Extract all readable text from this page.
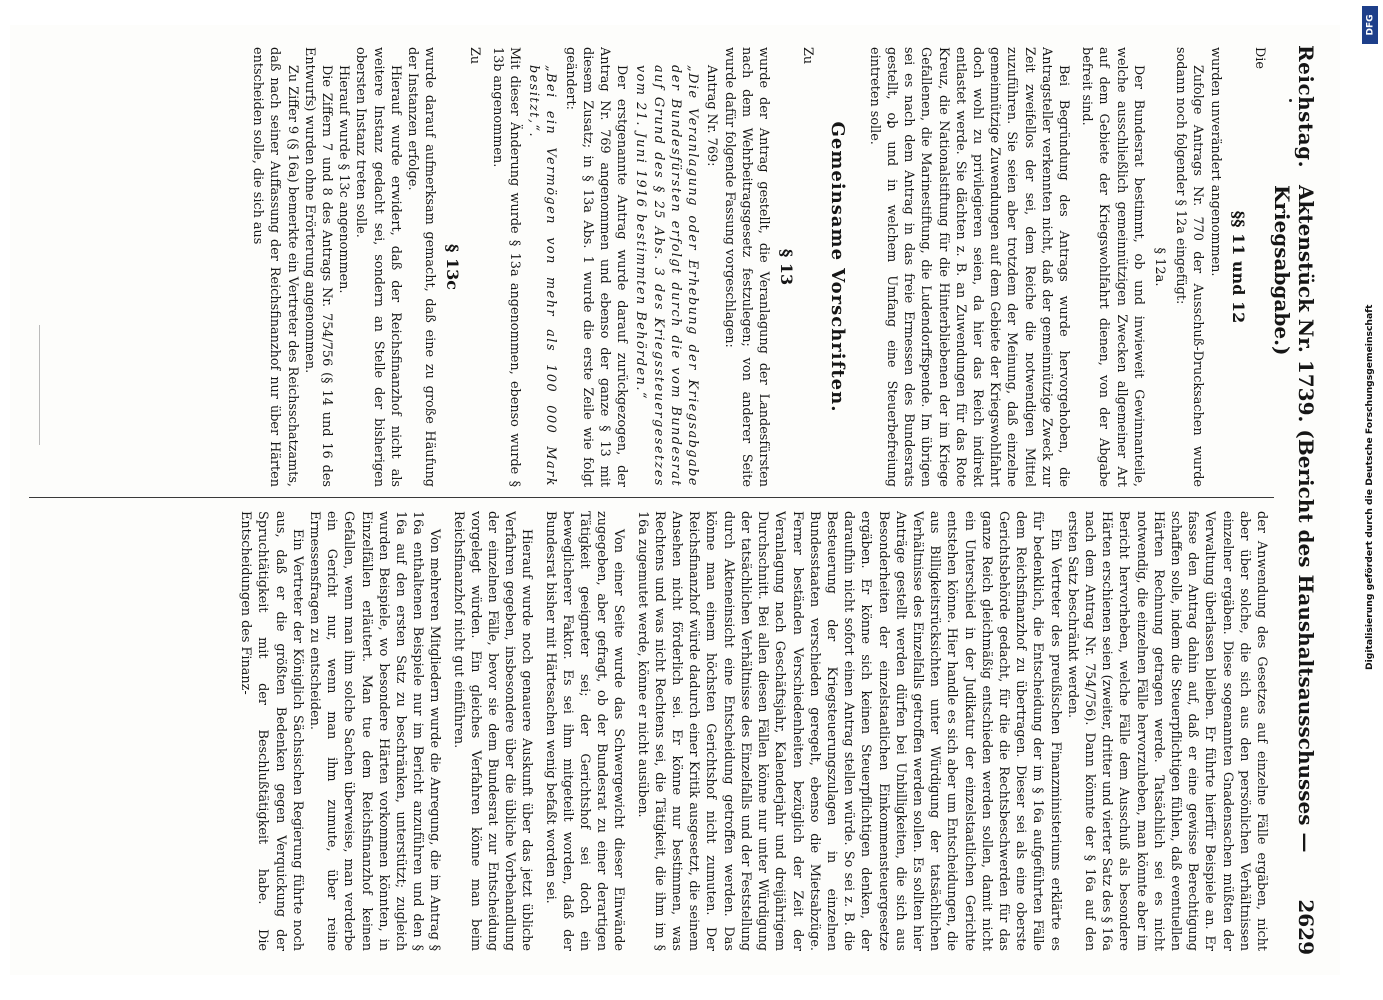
Reichstag.
Aktenstück Nr. 1739. (Bericht des Haushaltsausschusses — Kriegsabgabe.)
2629
Die
§§ 11 und 12

wurden unverändert angenommen.

Zufolge Antrags Nr. 770 der Ausschuß-Drucksachen wurde sodann noch folgender § 12a eingefügt:

§ 12a.

Der Bundesrat bestimmt, ob und inwieweit Gewinnanteile, welche ausschließlich gemeinnützigen Zwecken allgemeiner Art auf dem Gebiete der Kriegswohlfahrt dienen, von der Abgabe befreit sind.

Bei Begründung des Antrags wurde hervorgehoben, die Antragsteller verkennten nicht, daß der gemeinnützige Zweck zur Zeit zweifellos der sei, dem Reiche die notwendigen Mittel zuzuführen. Sie seien aber trotzdem der Meinung, daß einzelne gemeinnützige Zuwendungen auf dem Gebiete der Kriegswohlfahrt doch wohl zu privilegieren seien, da hier das Reich indirekt entlastet werde. Sie dächten z. B. an Zuwendungen für das Rote Kreuz, die Nationalstiftung für die Hinterbliebenen der im Kriege Gefallenen, die Marinestiftung, die Ludendorffspende. Im übrigen sei es nach dem Antrag in das freie Ermessen des Bundesrats gestellt, ob und in welchem Umfang eine Steuerbefreiung eintreten solle.

Gemeinsame Vorschriften.
Zu
§ 13

wurde der Antrag gestellt, die Veranlagung der Landesfürsten nach dem Wehrbeitragsgesetz festzulegen; von anderer Seite wurde dafür folgende Fassung vorgeschlagen:

Antrag Nr. 769:

„Die Veranlagung oder Erhebung der Kriegsabgabe der Bundesfürsten erfolgt durch die vom Bundesrat auf Grund des § 25 Abs. 3 des Kriegssteuergesetzes vom 21. Juni 1916 bestimmten Behörden.“

Der erstgenannte Antrag wurde darauf zurückgezogen, der Antrag Nr. 769 angenommen und ebenso der ganze § 13 mit diesem Zusatz; in § 13a Abs. 1 wurde die erste Zeile wie folgt geändert:

„Bei ein Vermögen von mehr als 100 000 Mark besitzt,“.

Mit dieser Änderung wurde § 13a angenommen, ebenso wurde § 13b angenommen.

Zu
§ 13c

wurde darauf aufmerksam gemacht, daß eine zu große Häufung der Instanzen erfolge.

Hierauf wurde erwidert, daß der Reichsfinanzhof nicht als weitere Instanz gedacht sei, sondern an Stelle der bisherigen obersten Instanz treten solle.

Hierauf wurde § 13c angenommen.

Die Ziffern 7 und 8 des Antrags Nr. 754/756 (§ 14 und 16 des Entwurfs) wurden ohne Erörterung angenommen.

Zu Ziffer 9 (§ 16a) bemerkte ein Vertreter des Reichsschatzamts, daß nach seiner Auffassung der Reichsfinanzhof nur über Härten entscheiden solle, die sich aus

der Anwendung des Gesetzes auf einzelne Fälle ergäben, nicht aber über solche, die sich aus den persönlichen Verhältnissen einzelner ergäben. Diese sogenannten Gnadensachen müßten der Verwaltung überlassen bleiben. Er führte hierfür Beispiele an. Er fasse den Antrag dahin auf, daß er eine gewisse Berechtigung schaffen solle, indem die Steuerpflichtigen fühlen, daß eventuellen Härten Rechnung getragen werde. Tatsächlich sei es nicht notwendig, die einzelnen Fälle hervorzuheben, man könnte aber im Bericht hervorheben, welche Fälle dem Ausschuß als besondere Härten erschienen seien (zweiter, dritter und vierter Satz des § 16a nach dem Antrag Nr. 754/756). Dann könnte der § 16a auf den ersten Satz beschränkt werden.

Ein Vertreter des preußischen Finanzministeriums erklärte es für bedenklich, die Entscheidung der im § 16a aufgeführten Fälle dem Reichsfinanzhof zu übertragen. Dieser sei als eine oberste Gerichtsbehörde gedacht, für die die Rechtsbeschwerden für das ganze Reich gleichmäßig entschieden werden sollen, damit nicht ein Unterschied in der Judikatur der einzelstaatlichen Gerichte entstehen könne. Hier handle es sich aber um Entscheidungen, die aus Billigkeitsrücksichten unter Würdigung der tatsächlichen Verhältnisse des Einzelfalls getroffen werden sollen. Es sollten hier Anträge gestellt werden dürfen bei Unbilligkeiten, die sich aus Besonderheiten der einzelstaatlichen Einkommensteuergesetze ergäben. Er könne sich keinen Steuerpflichtigen denken, der daraufhin nicht sofort einen Antrag stellen würde. So sei z. B. die Besteuerung der Kriegsteuerungszulagen in einzelnen Bundesstaaten verschieden geregelt, ebenso die Mietsabzüge. Ferner beständen Verschiedenheiten bezüglich der Zeit der Veranlagung nach Geschäftsjahr, Kalenderjahr und dreijährigem Durchschnitt. Bei allen diesen Fällen könne nur unter Würdigung der tatsächlichen Verhältnisse des Einzelfalls und der Feststellung durch Akteneinsicht eine Entscheidung getroffen werden. Das könne man einem höchsten Gerichtshof nicht zumuten. Der Reichsfinanzhof würde dadurch einer Kritik ausgesetzt, die seinem Ansehen nicht förderlich sei. Er könne nur bestimmen, was Rechtens und was nicht Rechtens sei, die Tätigkeit, die ihm im § 16a zugemutet werde, könne er nicht ausüben.

Von einer Seite wurde das Schwergewicht dieser Einwände zugegeben, aber gefragt, ob der Bundesrat zu einer derartigen Tätigkeit geeigneter sei; der Gerichtshof sei doch ein beweglicherer Faktor. Es sei ihm mitgeteilt worden, daß der Bundesrat bisher mit Härtesachen wenig befaßt worden sei.

Hierauf wurde noch genauere Auskunft über das jetzt übliche Verfahren gegeben, insbesondere über die übliche Vorbehandlung der einzelnen Fälle, bevor sie dem Bundesrat zur Entscheidung vorgelegt würden. Ein gleiches Verfahren könne man beim Reichsfinanzhof nicht gut einführen.

Von mehreren Mitgliedern wurde die Anregung, die im Antrag § 16a enthaltenen Beispiele nur im Bericht anzuführen und den § 16a auf den ersten Satz zu beschränken, unterstützt; zugleich wurden Beispiele, wo besondere Härten vorkommen könnten, in Einzelfällen erläutert. Man tue dem Reichsfinanzhof keinen Gefallen, wenn man ihm solche Sachen überweise, man verderbe ein Gericht nur, wenn man ihm zumute, über reine Ermessensfragen zu entscheiden.

Ein Vertreter der Königlich Sächsischen Regierung führte noch aus, daß er die größten Bedenken gegen Verquickung der Spruchtätigkeit mit der Beschlußtätigkeit habe. Die Entscheidungen des Finanz-

DFG
Digitalisierung gefördert durch die Deutsche Forschungsgemeinschaft
